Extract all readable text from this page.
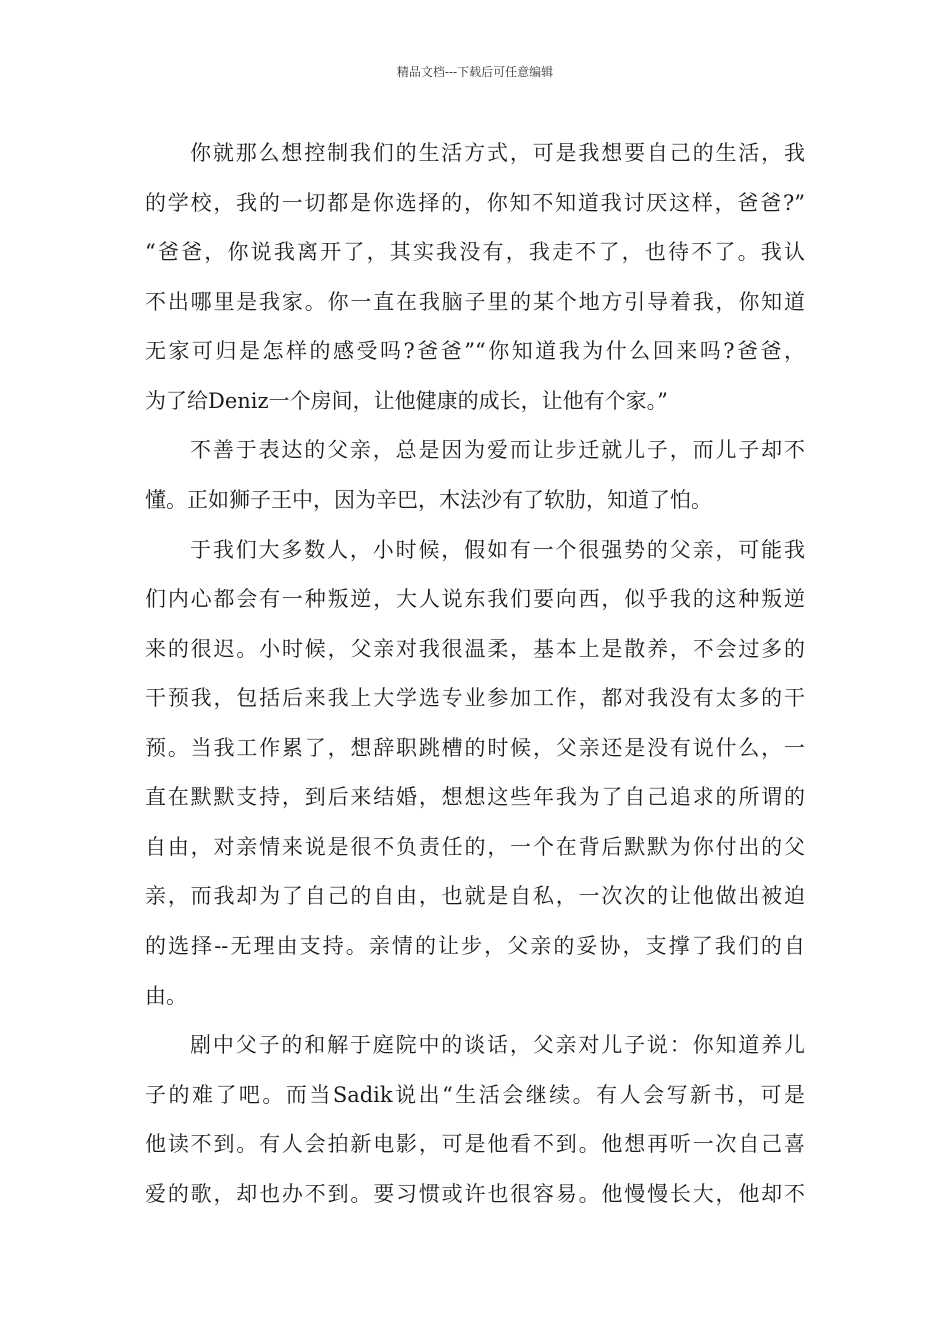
精品文档---下载后可任意编辑
你就那么想控制我们的生活方式，可是我想要自己的生活，我
的学校，我的一切都是你选择的，你知不知道我讨厌这样，爸爸?”
“爸爸，你说我离开了，其实我没有，我走不了，也待不了。我认
不出哪里是我家。你一直在我脑子里的某个地方引导着我，你知道
无家可归是怎样的感受吗?爸爸”“你知道我为什么回来吗?爸爸，
为了给Deniz一个房间，让他健康的成长，让他有个家。”
不善于表达的父亲，总是因为爱而让步迁就儿子，而儿子却不
懂。正如狮子王中，因为辛巴，木法沙有了软肋，知道了怕。
于我们大多数人，小时候，假如有一个很强势的父亲，可能我
们内心都会有一种叛逆，大人说东我们要向西，似乎我的这种叛逆
来的很迟。小时候，父亲对我很温柔，基本上是散养，不会过多的
干预我，包括后来我上大学选专业参加工作，都对我没有太多的干
预。当我工作累了，想辞职跳槽的时候，父亲还是没有说什么，一
直在默默支持，到后来结婚，想想这些年我为了自己追求的所谓的
自由，对亲情来说是很不负责任的，一个在背后默默为你付出的父
亲，而我却为了自己的自由，也就是自私，一次次的让他做出被迫
的选择--无理由支持。亲情的让步，父亲的妥协，支撑了我们的自
由。
剧中父子的和解于庭院中的谈话，父亲对儿子说：你知道养儿
子的难了吧。而当Sadik说出“生活会继续。有人会写新书，可是
他读不到。有人会拍新电影，可是他看不到。他想再听一次自己喜
爱的歌，却也办不到。要习惯或许也很容易。他慢慢长大，他却不
